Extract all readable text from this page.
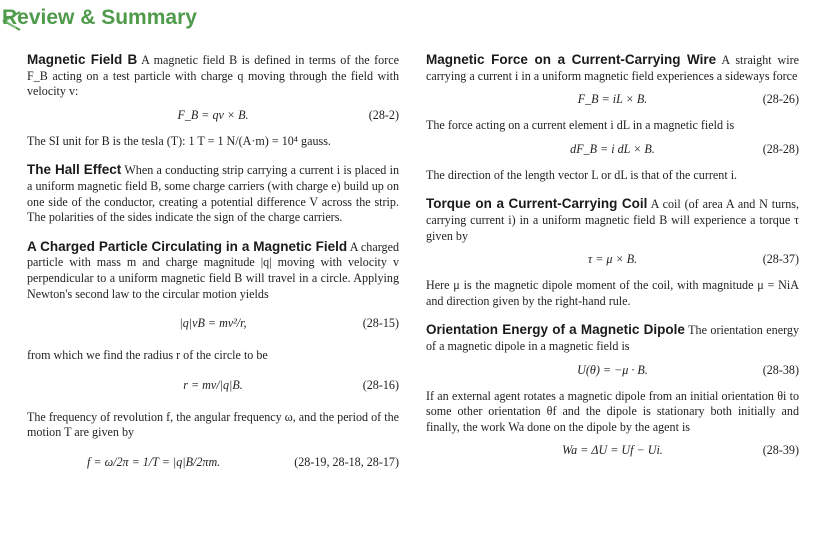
Review & Summary

Magnetic Field B A magnetic field B is defined in terms of the force F_B acting on a test particle with charge q moving through the field with velocity v:

F_B = qv × B.	(28-2)

The SI unit for B is the tesla (T): 1 T = 1 N/(A·m) = 10⁴ gauss.

The Hall Effect When a conducting strip carrying a current i is placed in a uniform magnetic field B, some charge carriers (with charge e) build up on one side of the conductor, creating a potential difference V across the strip. The polarities of the sides indicate the sign of the charge carriers.

A Charged Particle Circulating in a Magnetic Field A charged particle with mass m and charge magnitude |q| moving with velocity v perpendicular to a uniform magnetic field B will travel in a circle. Applying Newton's second law to the circular motion yields

|q|vB = mv²/r,	(28-15)

from which we find the radius r of the circle to be

r = mv/|q|B.	(28-16)

The frequency of revolution f, the angular frequency ω, and the period of the motion T are given by

f = ω/2π = 1/T = |q|B/2πm.	(28-19, 28-18, 28-17)

Magnetic Force on a Current-Carrying Wire A straight wire carrying a current i in a uniform magnetic field experiences a sideways force

F_B = iL × B.	(28-26)

The force acting on a current element i dL in a magnetic field is

dF_B = i dL × B.	(28-28)

The direction of the length vector L or dL is that of the current i.

Torque on a Current-Carrying Coil A coil (of area A and N turns, carrying current i) in a uniform magnetic field B will experience a torque τ given by

τ = μ × B.	(28-37)

Here μ is the magnetic dipole moment of the coil, with magnitude μ = NiA and direction given by the right-hand rule.

Orientation Energy of a Magnetic Dipole The orientation energy of a magnetic dipole in a magnetic field is

U(θ) = −μ · B.	(28-38)

If an external agent rotates a magnetic dipole from an initial orientation θi to some other orientation θf and the dipole is stationary both initially and finally, the work Wa done on the dipole by the agent is

Wa = ΔU = Uf − Ui.	(28-39)
